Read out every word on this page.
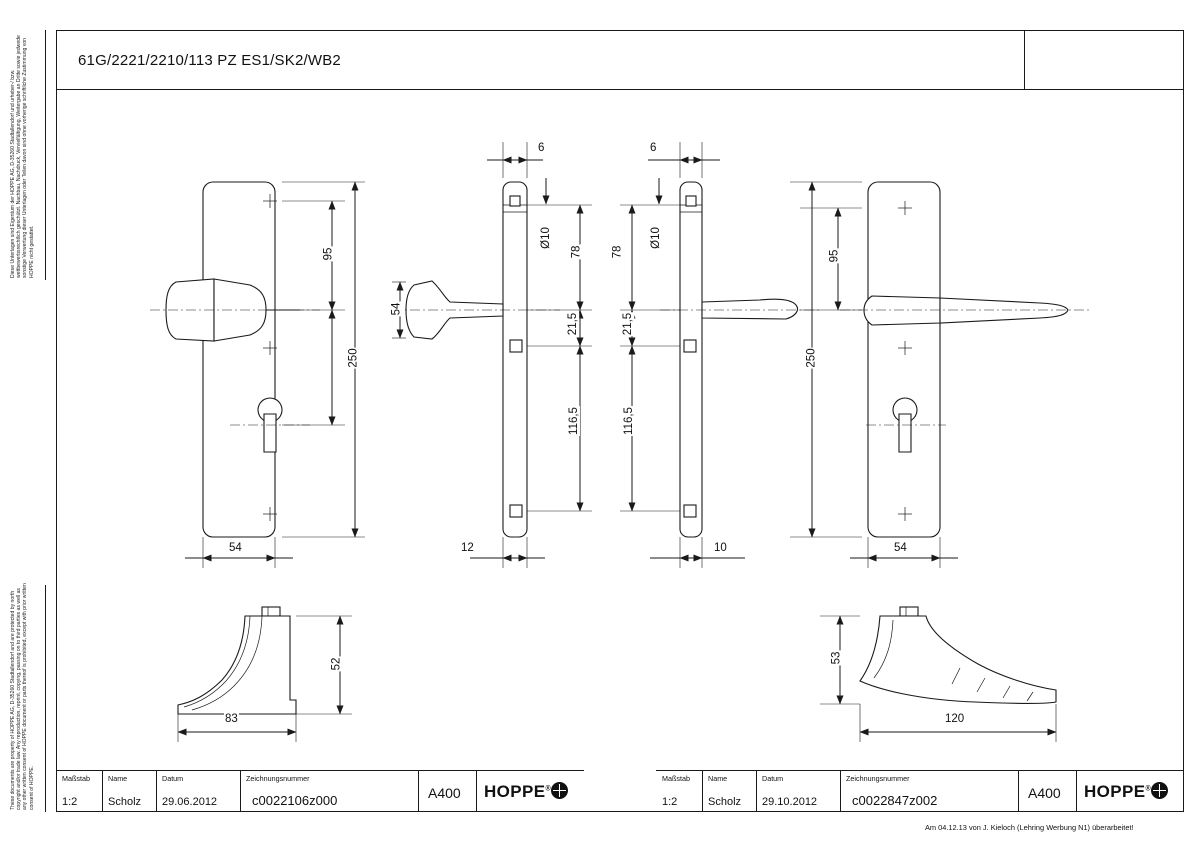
61G/2221/2210/113 PZ ES1/SK2/WB2
Diese Unterlagen sind Eigentum der HOPPE AG, D-35260 Stadtallendorf und urheber-/ bzw. wettbewerbsrechtlich geschützt. Nachbau, Nachdruck, Vervielfältigung, Weitergabe an Dritte sowie jedwede sonstige Verwertung dieser Unterlagen oder Teilen davon sind ohne vorherige schriftliche Zustimmung von HOPPE nicht gestattet.
These documents are property of HOPPE AG, D-35260 Stadtallendorf and are protected by north copyright and/or trade law. Any reproduction, reprint, copying, passing on to third parties as well as any other written consent of HOPPE document or parts thereof is prohibited, except with prior written consent of HOPPE.
95
250
54
6
Ø10
78
54
21,5
116,5
12
6
Ø10
78
21,5
116,5
10
95
250
54
52
83
53
120
Maßstab
1:2
Name
Scholz
Datum
29.06.2012
Zeichnungsnummer
c0022106z000	A400 HOPPE®
Maßstab
1:2
Name
Scholz
Datum
29.10.2012
Zeichnungsnummer
c0022847z002	A400 HOPPE®
Am 04.12.13 von J. Kieloch (Lehring Werbung N1) überarbeitet!
